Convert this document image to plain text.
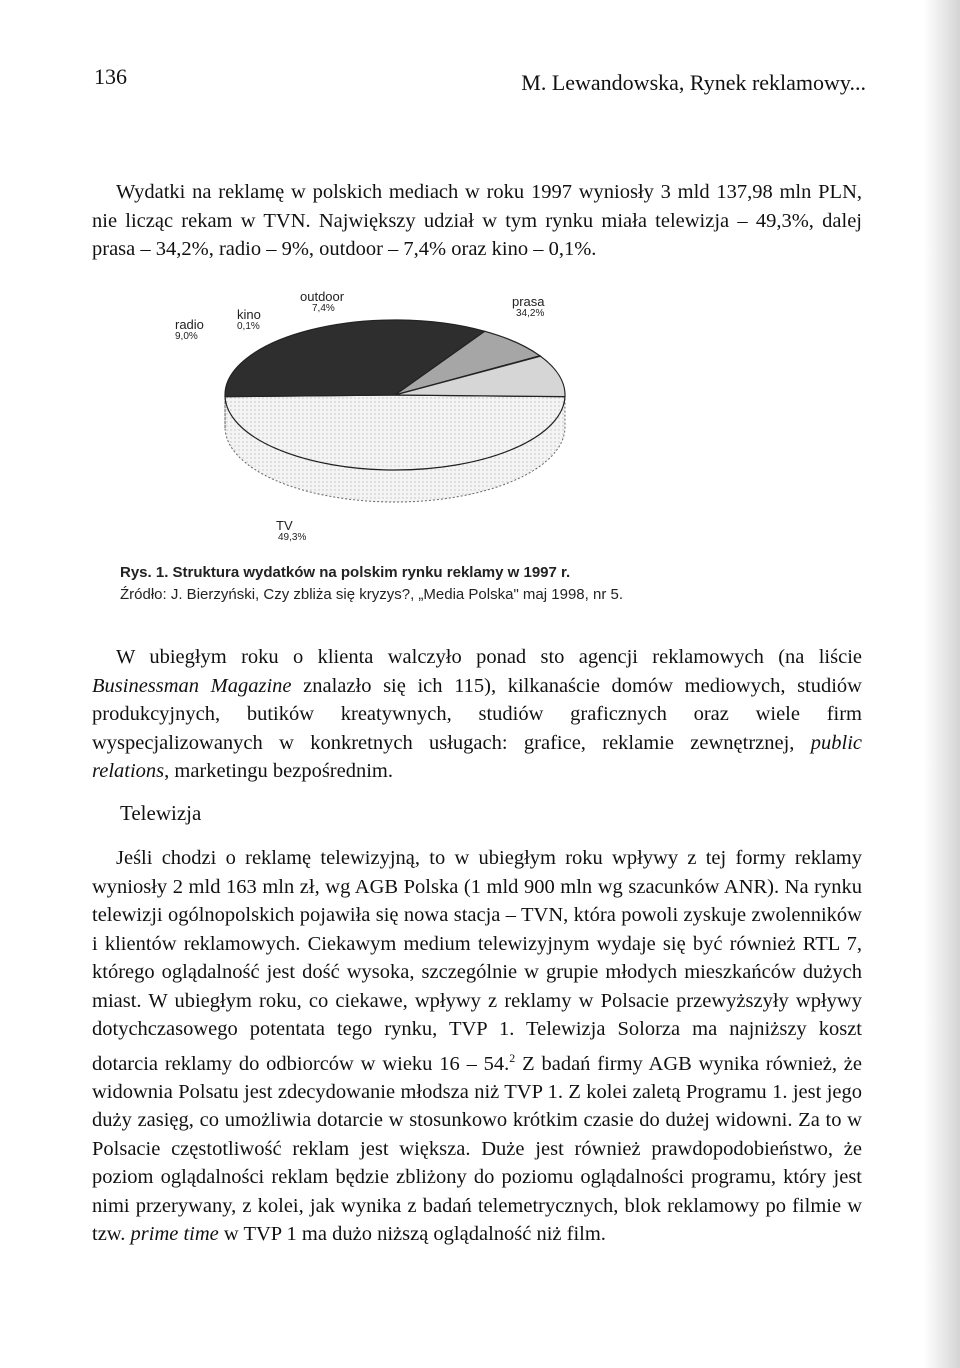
136	M. Lewandowska, Rynek reklamowy...

Wydatki na reklamę w polskich mediach w roku 1997 wyniosły 3 mld 137,98 mln PLN, nie licząc rekam w TVN. Największy udział w tym rynku miała telewizja – 49,3%, dalej prasa – 34,2%, radio – 9%, outdoor – 7,4% oraz kino – 0,1%.

radio
9,0%
kino
0,1%
outdoor
7,4%	prasa
34,2%
TV
49,3%
Rys. 1. Struktura wydatków na polskim rynku reklamy w 1997 r.
Źródło: J. Bierzyński, Czy zbliża się kryzys?, „Media Polska" maj 1998, nr 5.

W ubiegłym roku o klienta walczyło ponad sto agencji reklamowych (na liście Businessman Magazine znalazło się ich 115), kilkanaście domów mediowych, studiów produkcyjnych, butików kreatywnych, studiów graficznych oraz wiele firm wyspecjalizowanych w konkretnych usługach: grafice, reklamie zewnętrznej, public relations, marketingu bezpośrednim.

Telewizja

Jeśli chodzi o reklamę telewizyjną, to w ubiegłym roku wpływy z tej formy reklamy wyniosły 2 mld 163 mln zł, wg AGB Polska (1 mld 900 mln wg szacunków ANR). Na rynku telewizji ogólnopolskich pojawiła się nowa stacja – TVN, która powoli zyskuje zwolenników i klientów reklamowych. Ciekawym medium telewizyjnym wydaje się być również RTL 7, którego oglądalność jest dość wysoka, szczególnie w grupie młodych mieszkańców dużych miast. W ubiegłym roku, co ciekawe, wpływy z reklamy w Polsacie przewyższyły wpływy dotychczasowego potentata tego rynku, TVP 1. Telewizja Solorza ma najniższy koszt dotarcia reklamy do odbiorców w wieku 16 – 54.$^2$ Z badań firmy AGB wynika również, że widownia Polsatu jest zdecydowanie młodsza niż TVP 1. Z kolei zaletą Programu 1. jest jego duży zasięg, co umożliwia dotarcie w stosunkowo krótkim czasie do dużej widowni. Za to w Polsacie częstotliwość reklam jest większa. Duże jest również prawdopodobieństwo, że poziom oglądalności reklam będzie zbliżony do poziomu oglądalności programu, który jest nimi przerywany, z kolei, jak wynika z badań telemetrycznych, blok reklamowy po filmie w tzw. prime time w TVP 1 ma dużo niższą oglądalność niż film.
